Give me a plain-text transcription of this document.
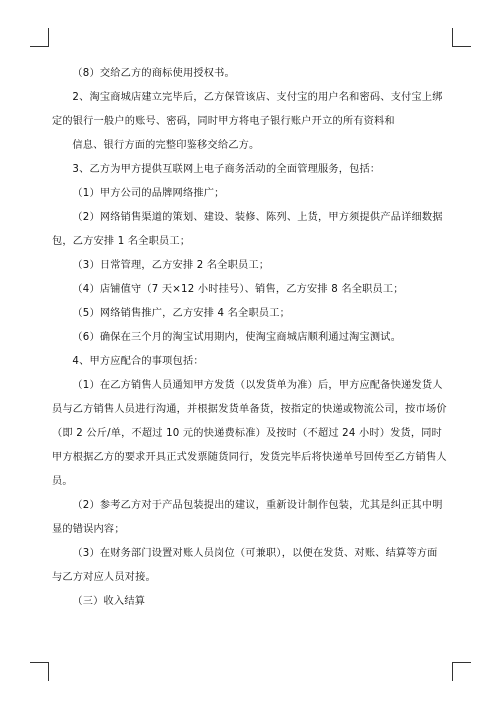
（8）交给乙方的商标使用授权书。

2、淘宝商城店建立完毕后，乙方保管该店、支付宝的用户名和密码、支付宝上绑定的银行一般户的账号、密码，同时甲方将电子银行账户开立的所有资料和

信息、银行方面的完整印鉴移交给乙方。

3、乙方为甲方提供互联网上电子商务活动的全面管理服务，包括：

（1）甲方公司的品牌网络推广；

（2）网络销售渠道的策划、建设、装修、陈列、上货，甲方须提供产品详细数据包，乙方安排 1 名全职员工；

（3）日常管理，乙方安排 2 名全职员工；

（4）店铺值守（7 天×12 小时挂号）、销售，乙方安排 8 名全职员工；

（5）网络销售推广，乙方安排 4 名全职员工；

（6）确保在三个月的淘宝试用期内，使淘宝商城店顺利通过淘宝测试。

4、甲方应配合的事项包括：

（1）在乙方销售人员通知甲方发货（以发货单为准）后，甲方应配备快递发货人员与乙方销售人员进行沟通，并根据发货单备货，按指定的快递或物流公司，按市场价（即 2 公斤/单，不超过 10 元的快递费标准）及按时（不超过 24 小时）发货，同时甲方根据乙方的要求开具正式发票随货同行，发货完毕后将快递单号回传至乙方销售人员。

（2）参考乙方对于产品包装提出的建议，重新设计制作包装，尤其是纠正其中明显的错误内容；

（3）在财务部门设置对账人员岗位（可兼职），以便在发货、对账、结算等方面与乙方对应人员对接。

（三）收入结算
